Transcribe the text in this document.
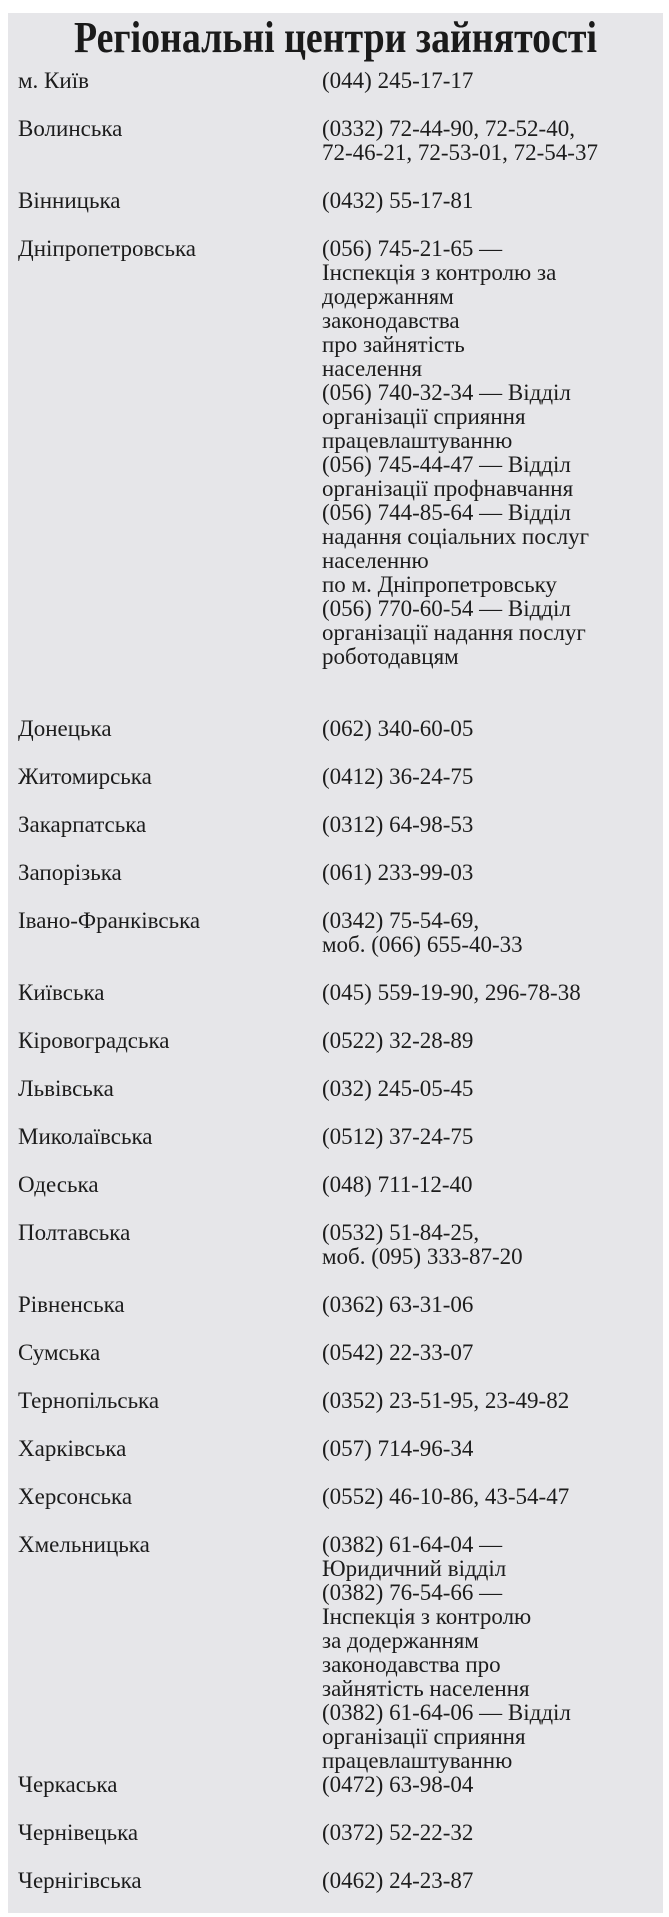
Регіональні центри зайнятості
м. Київ	(044) 245-17-17
Волинська	(0332) 72-44-90, 72-52-40,
72-46-21, 72-53-01, 72-54-37
Вінницька	(0432) 55-17-81
Дніпропетровська	(056) 745-21-65 —
Інспекція з контролю за
додержанням
законодавства
про зайнятість
населення
(056) 740-32-34 — Відділ
організації сприяння
працевлаштуванню
(056) 745-44-47 — Відділ
організації профнавчання
(056) 744-85-64 — Відділ
надання соціальних послуг
населенню
по м. Дніпропетровську
(056) 770-60-54 — Відділ
організації надання послуг
роботодавцям
Донецька	(062) 340-60-05
Житомирська	(0412) 36-24-75
Закарпатська	(0312) 64-98-53
Запорізька	(061) 233-99-03
Івано-Франківська	(0342) 75-54-69,
моб. (066) 655-40-33
Київська	(045) 559-19-90, 296-78-38
Кіровоградська	(0522) 32-28-89
Львівська	(032) 245-05-45
Миколаївська	(0512) 37-24-75
Одеська	(048) 711-12-40
Полтавська	(0532) 51-84-25,
моб. (095) 333-87-20
Рівненська	(0362) 63-31-06
Сумська	(0542) 22-33-07
Тернопільська	(0352) 23-51-95, 23-49-82
Харківська	(057) 714-96-34
Херсонська	(0552) 46-10-86, 43-54-47
Хмельницька	(0382) 61-64-04 —
Юридичний відділ
(0382) 76-54-66 —
Інспекція з контролю
за додержанням
законодавства про
зайнятість населення
(0382) 61-64-06 — Відділ
організації сприяння
працевлаштуванню
Черкаська	(0472) 63-98-04
Чернівецька	(0372) 52-22-32
Чернігівська	(0462) 24-23-87
